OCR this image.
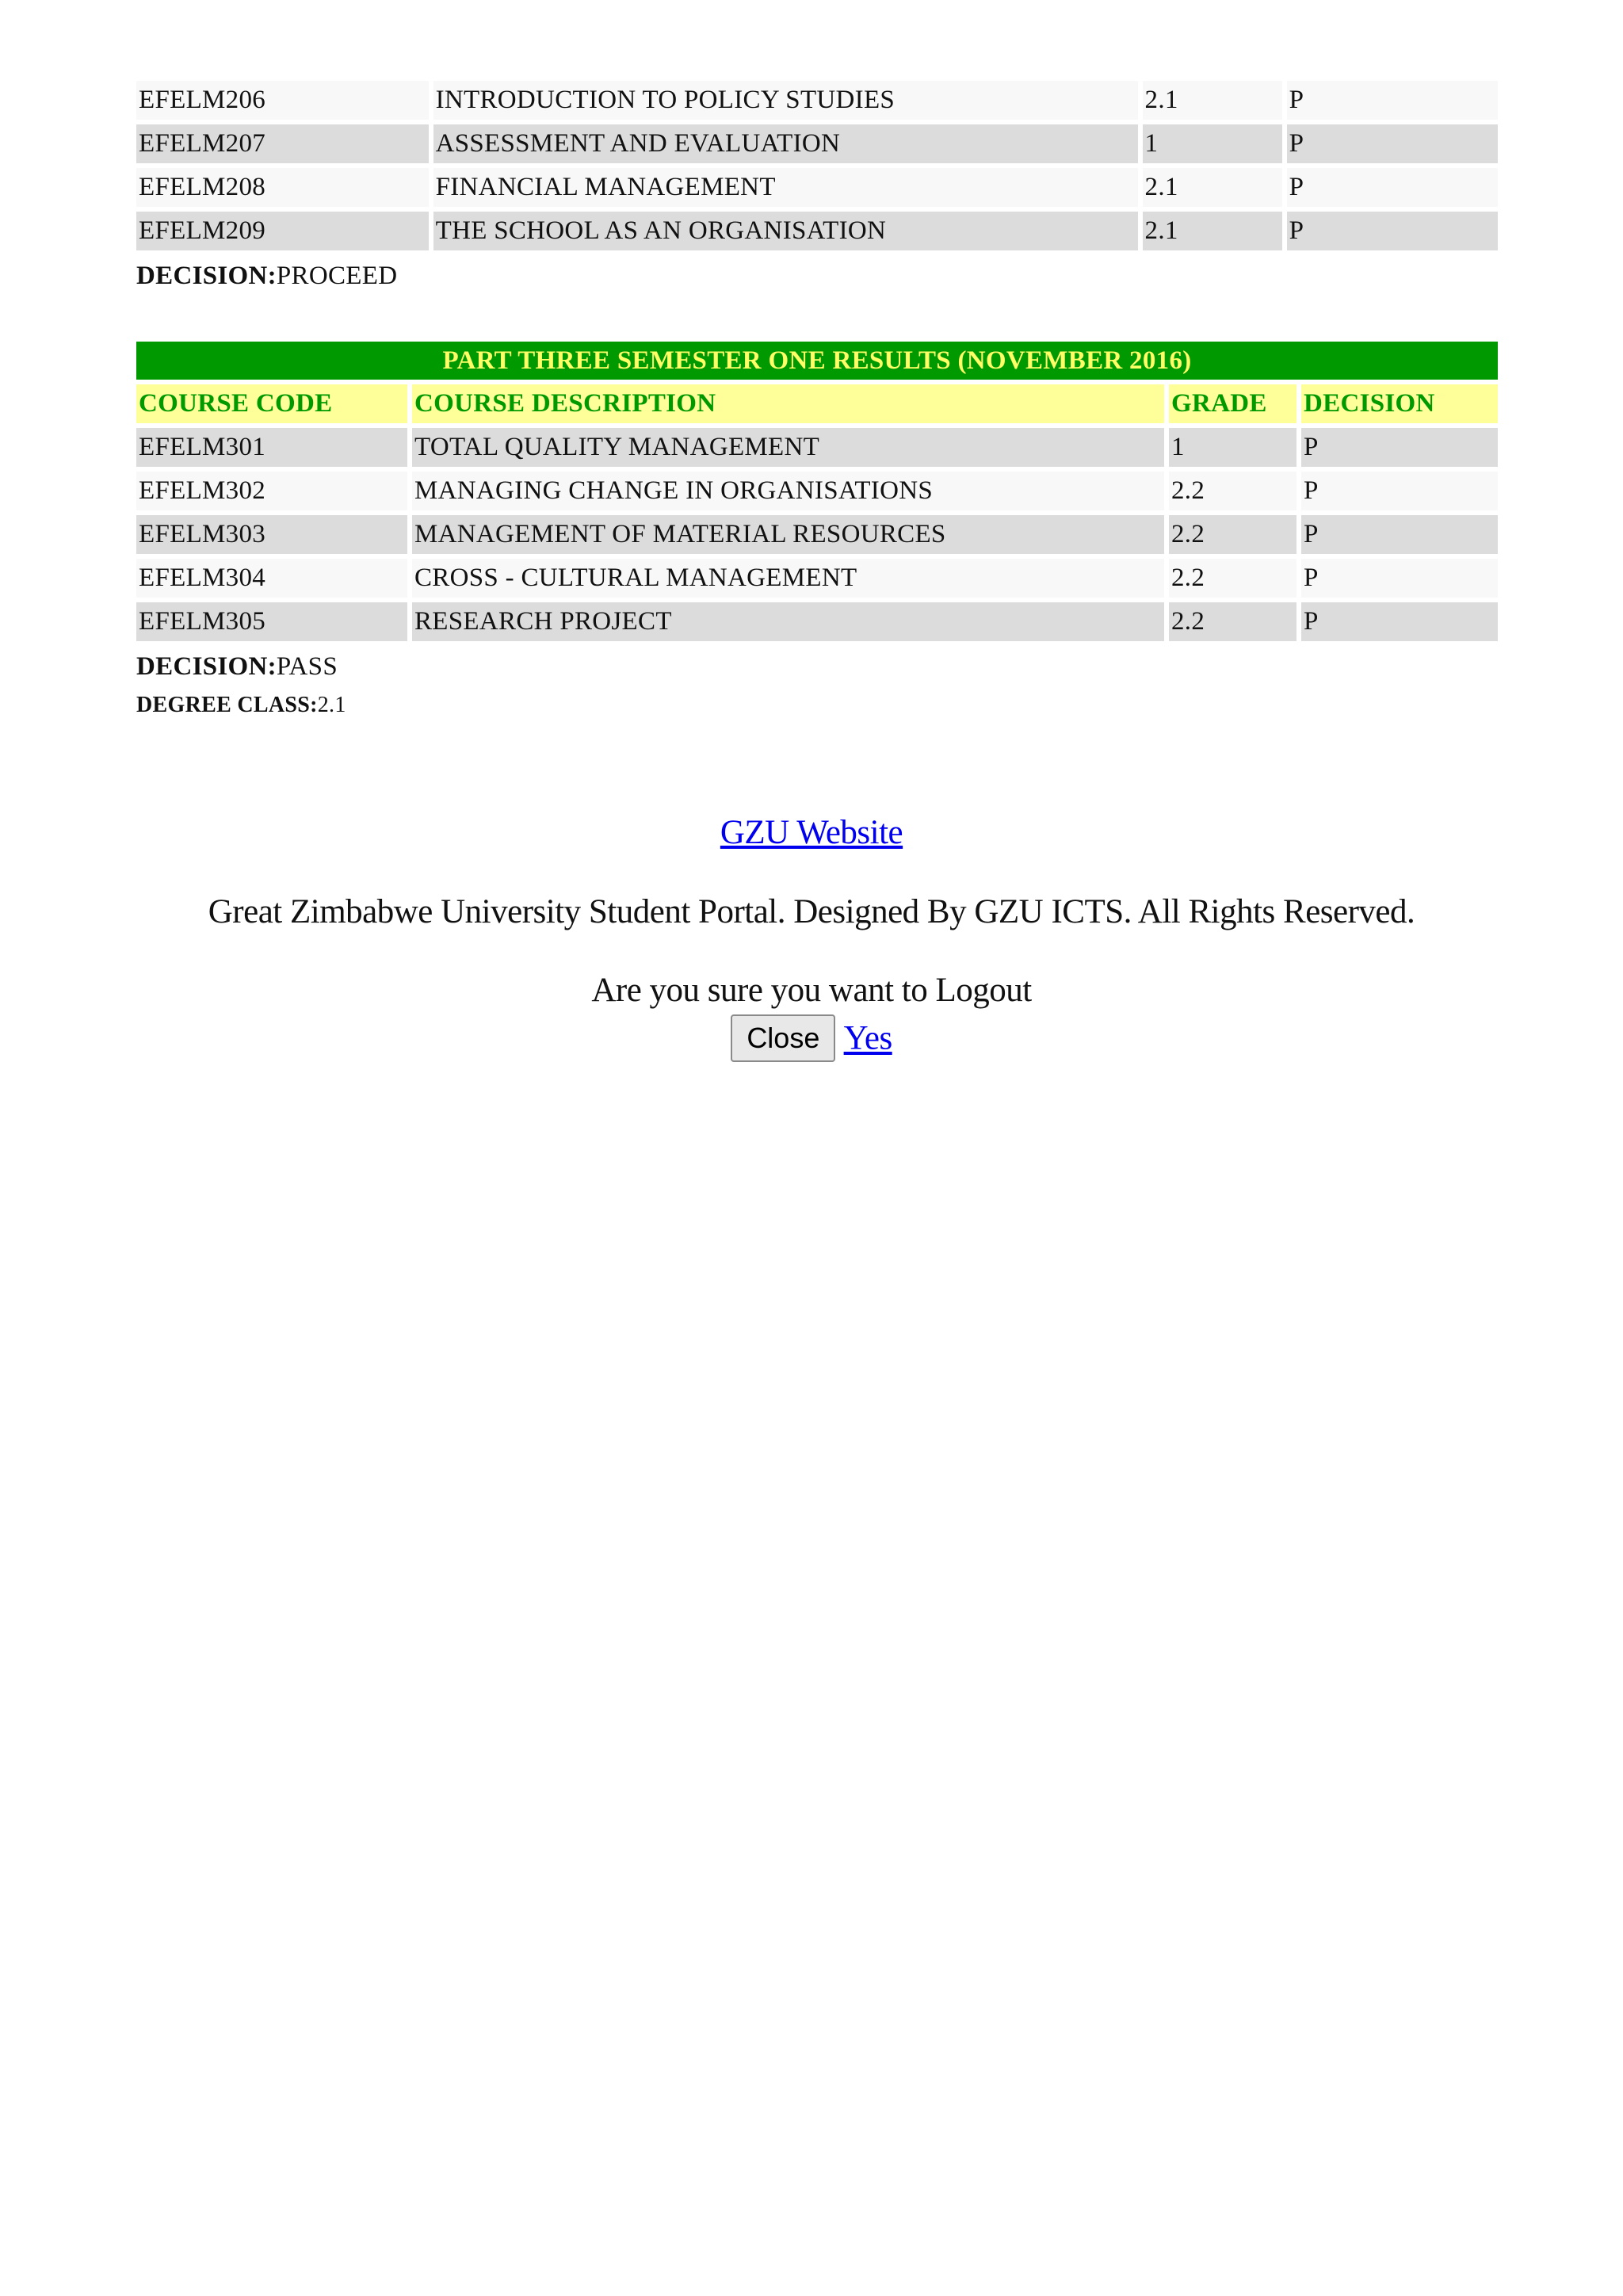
EFELM206	INTRODUCTION TO POLICY STUDIES	2.1	P
EFELM207	ASSESSMENT AND EVALUATION	1	P
EFELM208	FINANCIAL MANAGEMENT	2.1	P
EFELM209	THE SCHOOL AS AN ORGANISATION	2.1	P

DECISION:PROCEED

PART THREE SEMESTER ONE RESULTS (NOVEMBER 2016)			
COURSE CODE	COURSE DESCRIPTION	GRADE	DECISION
EFELM301	TOTAL QUALITY MANAGEMENT	1	P
EFELM302	MANAGING CHANGE IN ORGANISATIONS	2.2	P
EFELM303	MANAGEMENT OF MATERIAL RESOURCES	2.2	P
EFELM304	CROSS - CULTURAL MANAGEMENT	2.2	P
EFELM305	RESEARCH PROJECT	2.2	P

DECISION:PASS

DEGREE CLASS:2.1

GZU Website
Great Zimbabwe University Student Portal. Designed By GZU ICTS. All Rights Reserved.
Are you sure you want to Logout
Close Yes
